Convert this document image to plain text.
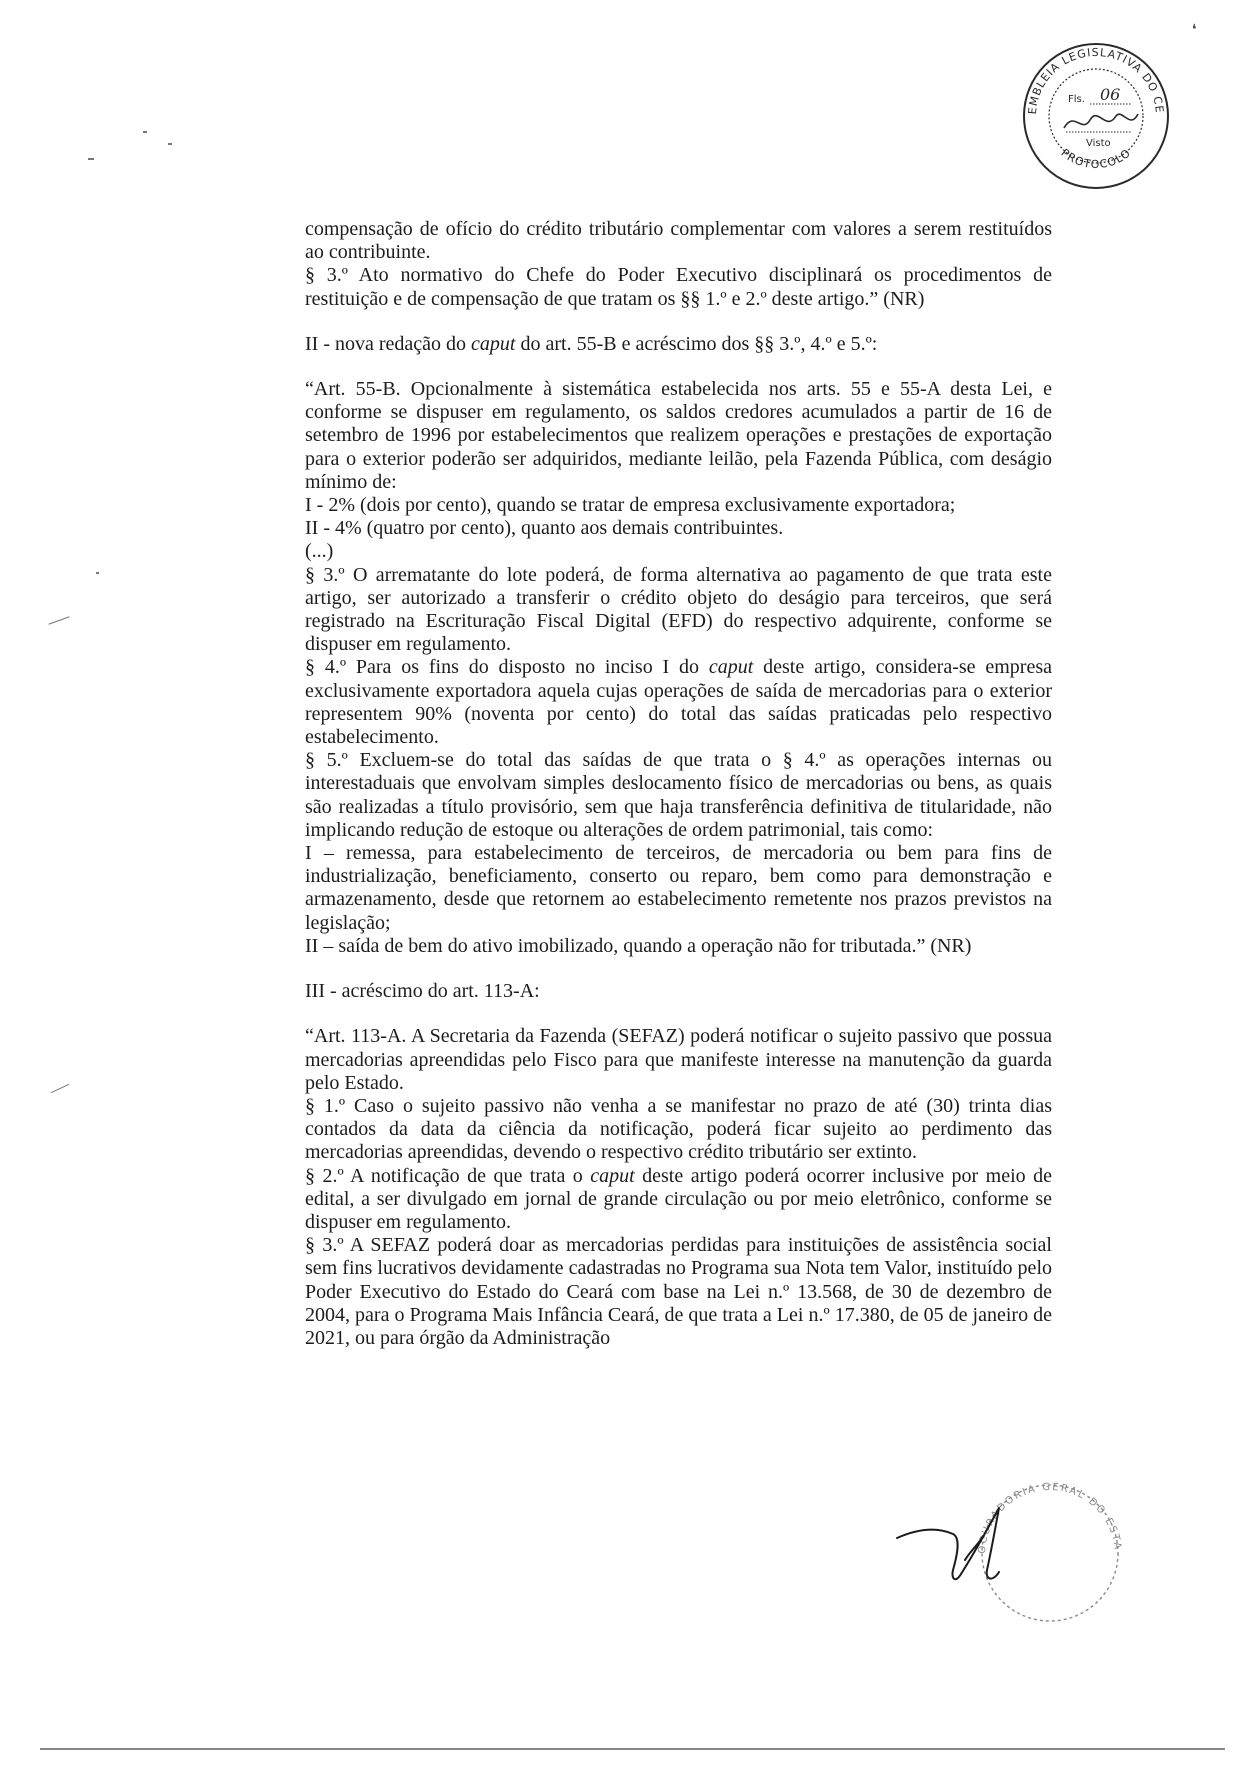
❛
EMBLEIA LEGISLATIVA DO CE
PROTOCOLO
Fls. 06
Visto

compensação de ofício do crédito tributário complementar com valores a serem restituídos ao contribuinte.

§ 3.º Ato normativo do Chefe do Poder Executivo disciplinará os procedimentos de restituição e de compensação de que tratam os §§ 1.º e 2.º deste artigo.” (NR)

II - nova redação do caput do art. 55-B e acréscimo dos §§ 3.º, 4.º e 5.º:

“Art. 55-B. Opcionalmente à sistemática estabelecida nos arts. 55 e 55-A desta Lei, e conforme se dispuser em regulamento, os saldos credores acumulados a partir de 16 de setembro de 1996 por estabelecimentos que realizem operações e prestações de exportação para o exterior poderão ser adquiridos, mediante leilão, pela Fazenda Pública, com deságio mínimo de:

I - 2% (dois por cento), quando se tratar de empresa exclusivamente exportadora;

II - 4% (quatro por cento), quanto aos demais contribuintes.

(...)

§ 3.º O arrematante do lote poderá, de forma alternativa ao pagamento de que trata este artigo, ser autorizado a transferir o crédito objeto do deságio para terceiros, que será registrado na Escrituração Fiscal Digital (EFD) do respectivo adquirente, conforme se dispuser em regulamento.

§ 4.º Para os fins do disposto no inciso I do caput deste artigo, considera-se empresa exclusivamente exportadora aquela cujas operações de saída de mercadorias para o exterior representem 90% (noventa por cento) do total das saídas praticadas pelo respectivo estabelecimento.

§ 5.º Excluem-se do total das saídas de que trata o § 4.º as operações internas ou interestaduais que envolvam simples deslocamento físico de mercadorias ou bens, as quais são realizadas a título provisório, sem que haja transferência definitiva de titularidade, não implicando redução de estoque ou alterações de ordem patrimonial, tais como:

I – remessa, para estabelecimento de terceiros, de mercadoria ou bem para fins de industrialização, beneficiamento, conserto ou reparo, bem como para demonstração e armazenamento, desde que retornem ao estabelecimento remetente nos prazos previstos na legislação;

II – saída de bem do ativo imobilizado, quando a operação não for tributada.” (NR)

III - acréscimo do art. 113-A:

“Art. 113-A. A Secretaria da Fazenda (SEFAZ) poderá notificar o sujeito passivo que possua mercadorias apreendidas pelo Fisco para que manifeste interesse na manutenção da guarda pelo Estado.

§ 1.º Caso o sujeito passivo não venha a se manifestar no prazo de até (30) trinta dias contados da data da ciência da notificação, poderá ficar sujeito ao perdimento das mercadorias apreendidas, devendo o respectivo crédito tributário ser extinto.

§ 2.º A notificação de que trata o caput deste artigo poderá ocorrer inclusive por meio de edital, a ser divulgado em jornal de grande circulação ou por meio eletrônico, conforme se dispuser em regulamento.

§ 3.º A SEFAZ poderá doar as mercadorias perdidas para instituições de assistência social sem fins lucrativos devidamente cadastradas no Programa sua Nota tem Valor, instituído pelo Poder Executivo do Estado do Ceará com base na Lei n.º 13.568, de 30 de dezembro de 2004, para o Programa Mais Infância Ceará, de que trata a Lei n.º 17.380, de 05 de janeiro de 2021, ou para órgão da Administração

OCURADORIA GERAL DO ESTA
